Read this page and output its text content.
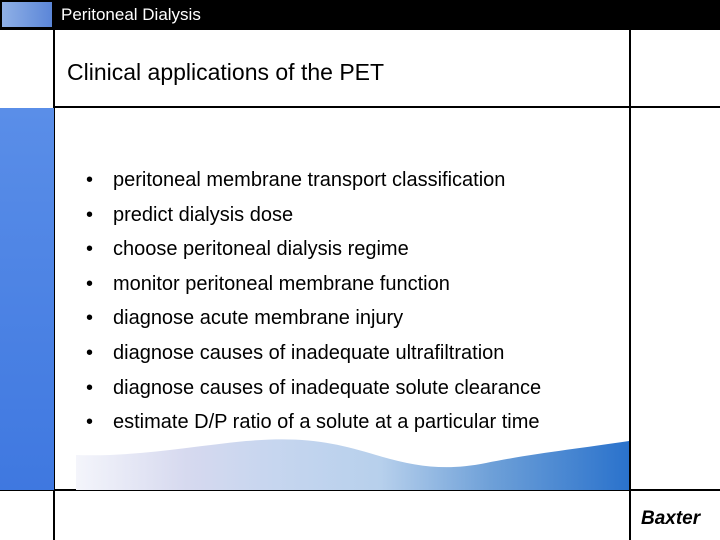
Peritoneal Dialysis
Clinical applications of the PET
• peritoneal membrane transport classification
• predict dialysis dose
• choose peritoneal dialysis regime
• monitor peritoneal membrane function
• diagnose acute membrane injury
• diagnose causes of inadequate ultrafiltration
• diagnose causes of inadequate solute clearance
• estimate D/P ratio of a solute at a particular time
Baxter
